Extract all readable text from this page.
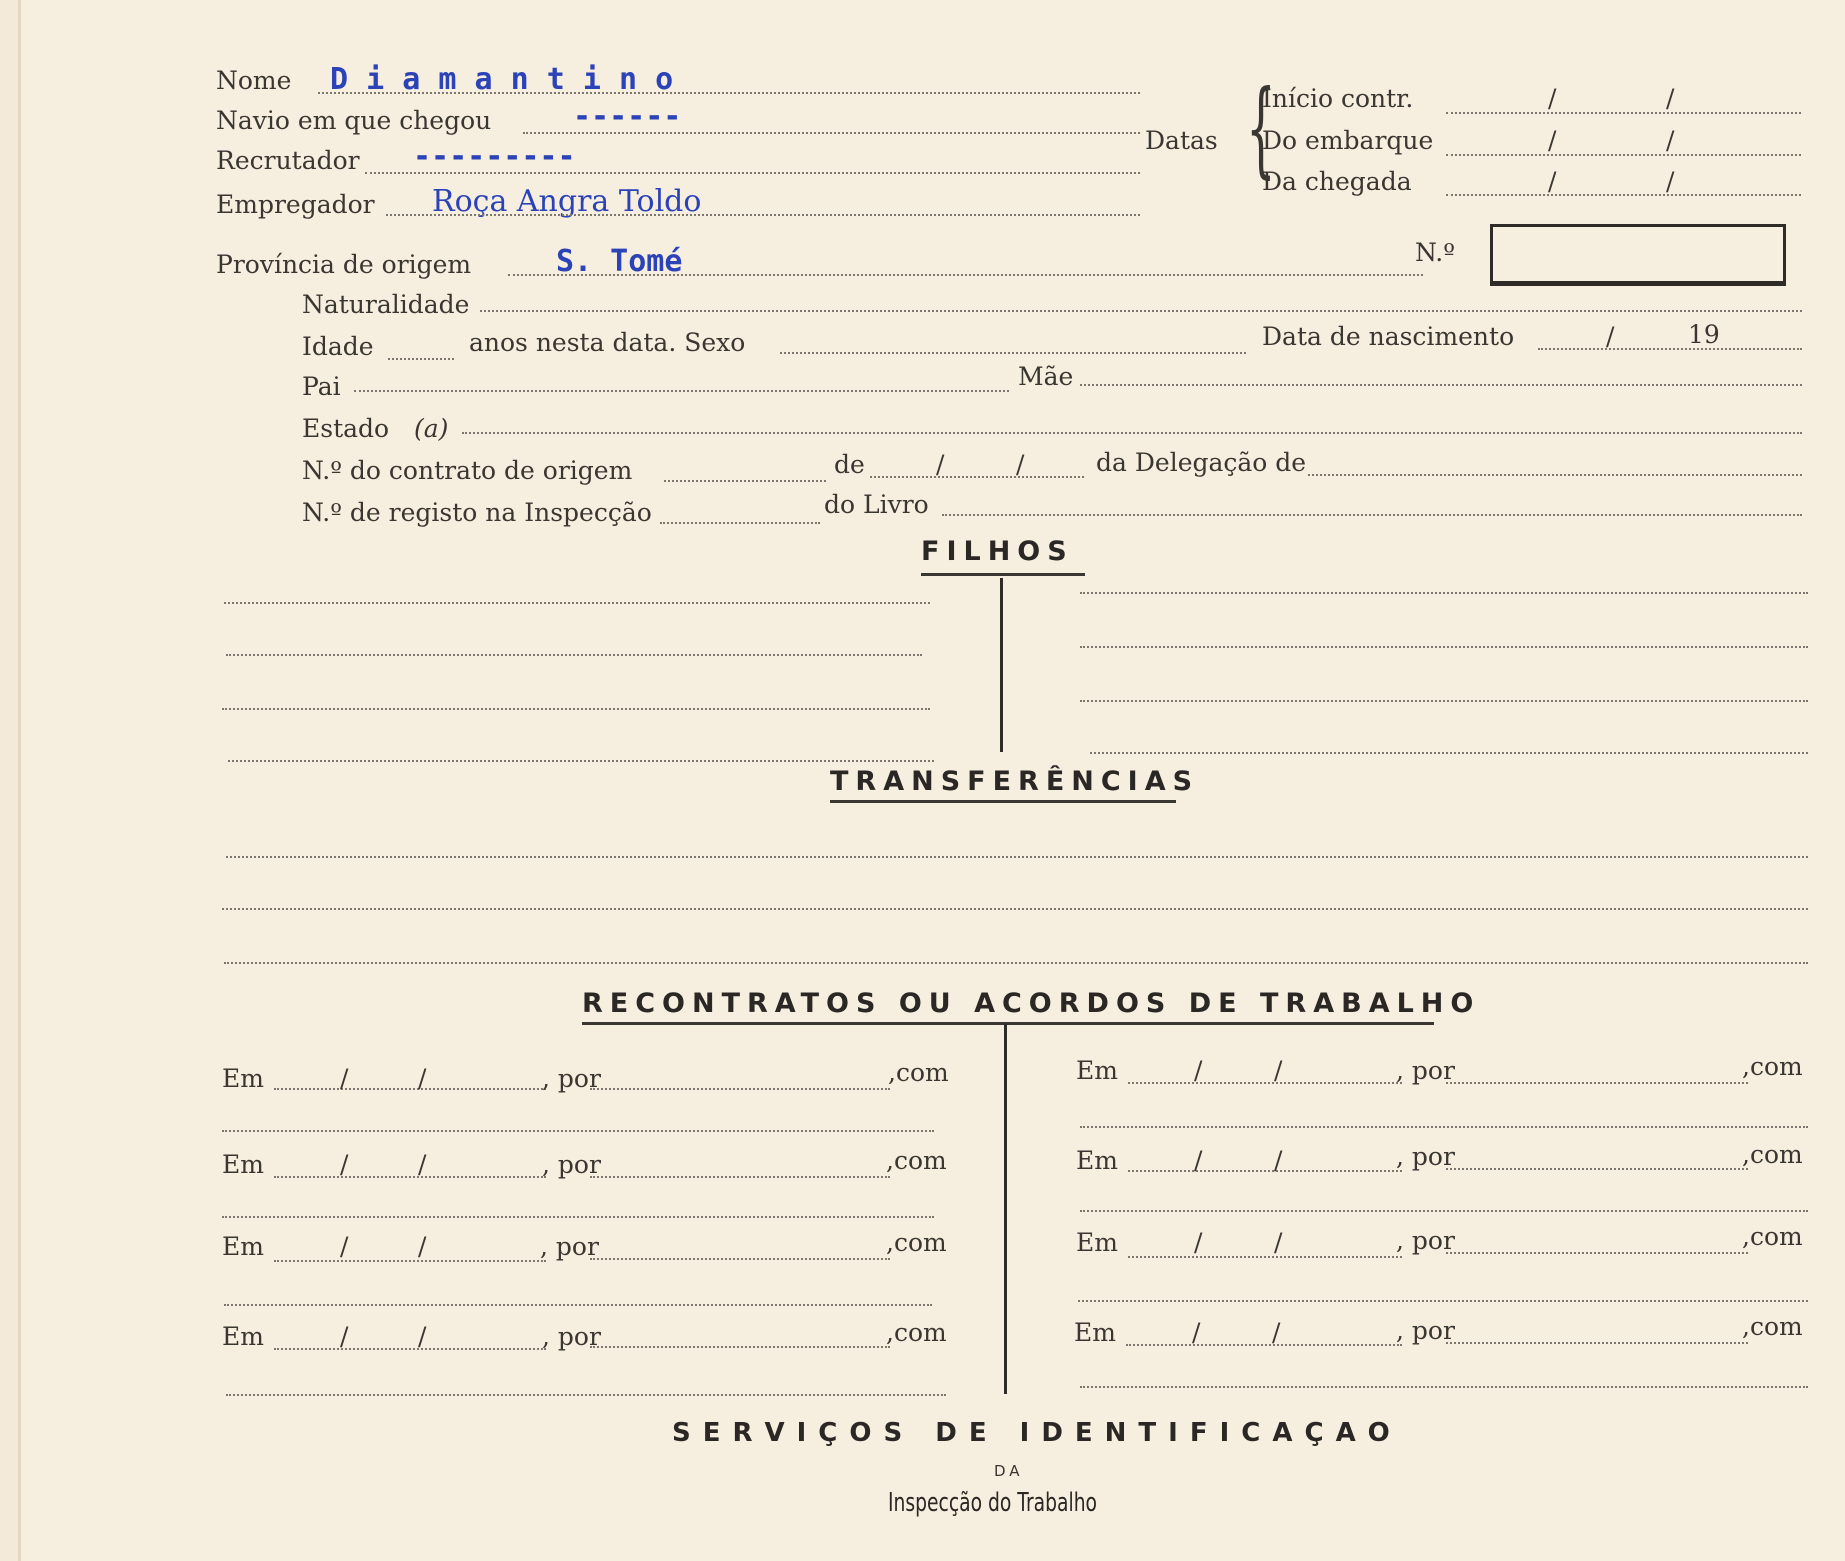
Nome D i a m a n t i n o
Navio em que chegou	------
Recrutador ---------
Empregador Roça Angra Toldo
Datas {
Início contr.	/	/
Do embarque	/	/
Da chegada	/	/
Província de origem	S. Tomé	N.º
Naturalidade
Idade	anos nesta data. Sexo	Data de nascimento	/	19
Pai	Mãe
Estado (a)
N.º do contrato de origem	de	/	/	da Delegação de
N.º de registo na Inspecção	do Livro
FILHOS
TRANSFERÊNCIAS
RECONTRATOS OU ACORDOS DE TRABALHO
Em	/	/	, por	,com
Em	/	/	, por	,com
Em	/	/	, por	,com
Em	/	/	, por	,com
Em	/	/	, por	,com
Em	/	/	, por	,com
Em	/	/	, por	,com
Em	/	/	, por	,com
SERVIÇOS DE IDENTIFICAÇAO
DA
Inspecção do Trabalho
